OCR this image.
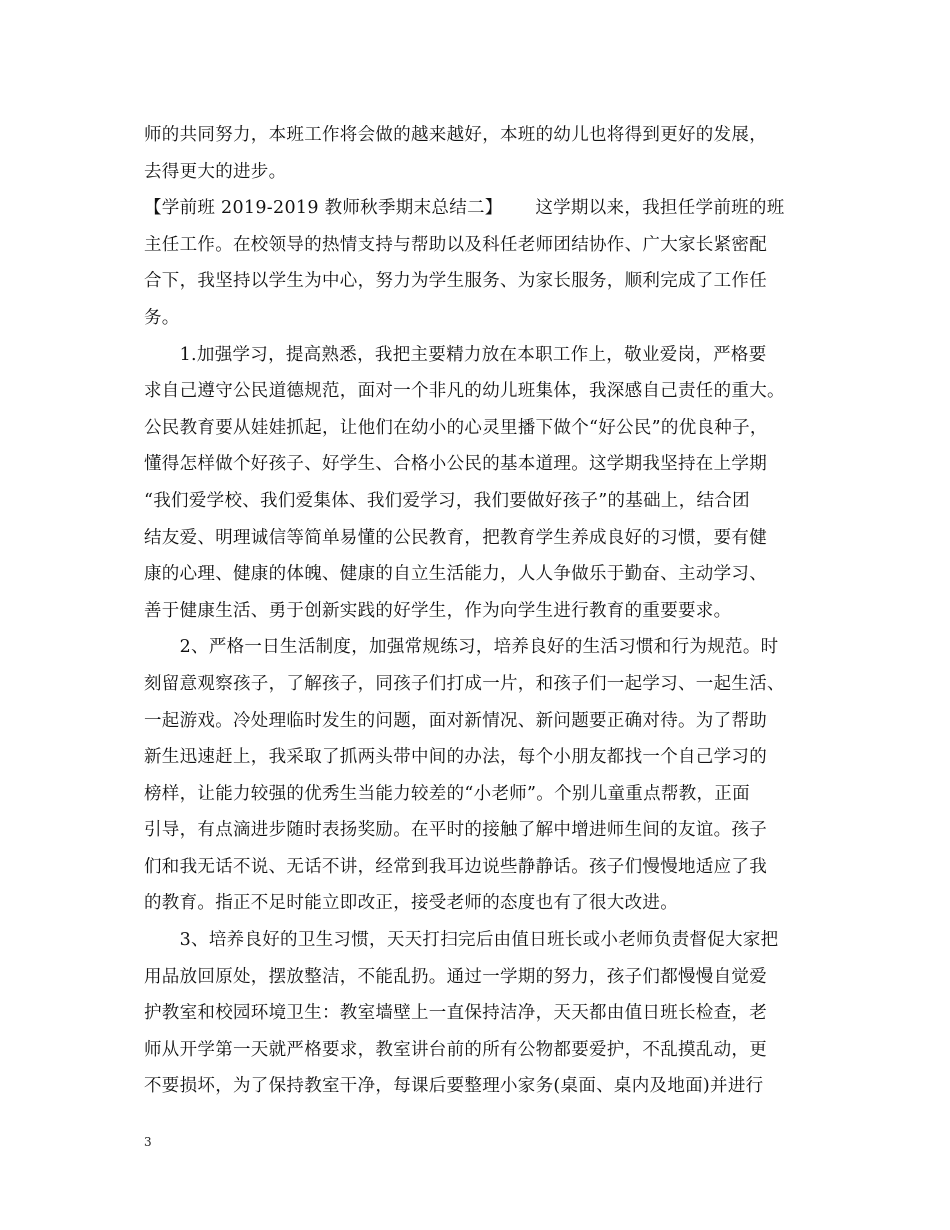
师的共同努力，本班工作将会做的越来越好，本班的幼儿也将得到更好的发展，
去得更大的进步。
【学前班 2019-2019 教师秋季期末总结二】　　 这学期以来，我担任学前班的班
主任工作。在校领导的热情支持与帮助以及科任老师团结协作、广大家长紧密配
合下，我坚持以学生为中心，努力为学生服务、为家长服务，顺利完成了工作任
务。
　　1.加强学习，提高熟悉，我把主要精力放在本职工作上，敬业爱岗，严格要
求自己遵守公民道德规范，面对一个非凡的幼儿班集体，我深感自己责任的重大。
公民教育要从娃娃抓起，让他们在幼小的心灵里播下做个“好公民”的优良种子，
懂得怎样做个好孩子、好学生、合格小公民的基本道理。这学期我坚持在上学期
“我们爱学校、我们爱集体、我们爱学习，我们要做好孩子”的基础上，结合团
结友爱、明理诚信等简单易懂的公民教育，把教育学生养成良好的习惯，要有健
康的心理、健康的体魄、健康的自立生活能力，人人争做乐于勤奋、主动学习、
善于健康生活、勇于创新实践的好学生，作为向学生进行教育的重要要求。
　　2、严格一日生活制度，加强常规练习，培养良好的生活习惯和行为规范。时
刻留意观察孩子，了解孩子，同孩子们打成一片，和孩子们一起学习、一起生活、
一起游戏。冷处理临时发生的问题，面对新情况、新问题要正确对待。为了帮助
新生迅速赶上，我采取了抓两头带中间的办法，每个小朋友都找一个自己学习的
榜样，让能力较强的优秀生当能力较差的“小老师”。个别儿童重点帮教，正面
引导，有点滴进步随时表扬奖励。在平时的接触了解中增进师生间的友谊。孩子
们和我无话不说、无话不讲，经常到我耳边说些静静话。孩子们慢慢地适应了我
的教育。指正不足时能立即改正，接受老师的态度也有了很大改进。
　　3、培养良好的卫生习惯，天天打扫完后由值日班长或小老师负责督促大家把
用品放回原处，摆放整洁，不能乱扔。通过一学期的努力，孩子们都慢慢自觉爱
护教室和校园环境卫生：教室墙壁上一直保持洁净，天天都由值日班长检查，老
师从开学第一天就严格要求，教室讲台前的所有公物都要爱护，不乱摸乱动，更
不要损坏，为了保持教室干净，每课后要整理小家务(桌面、桌内及地面)并进行
3
